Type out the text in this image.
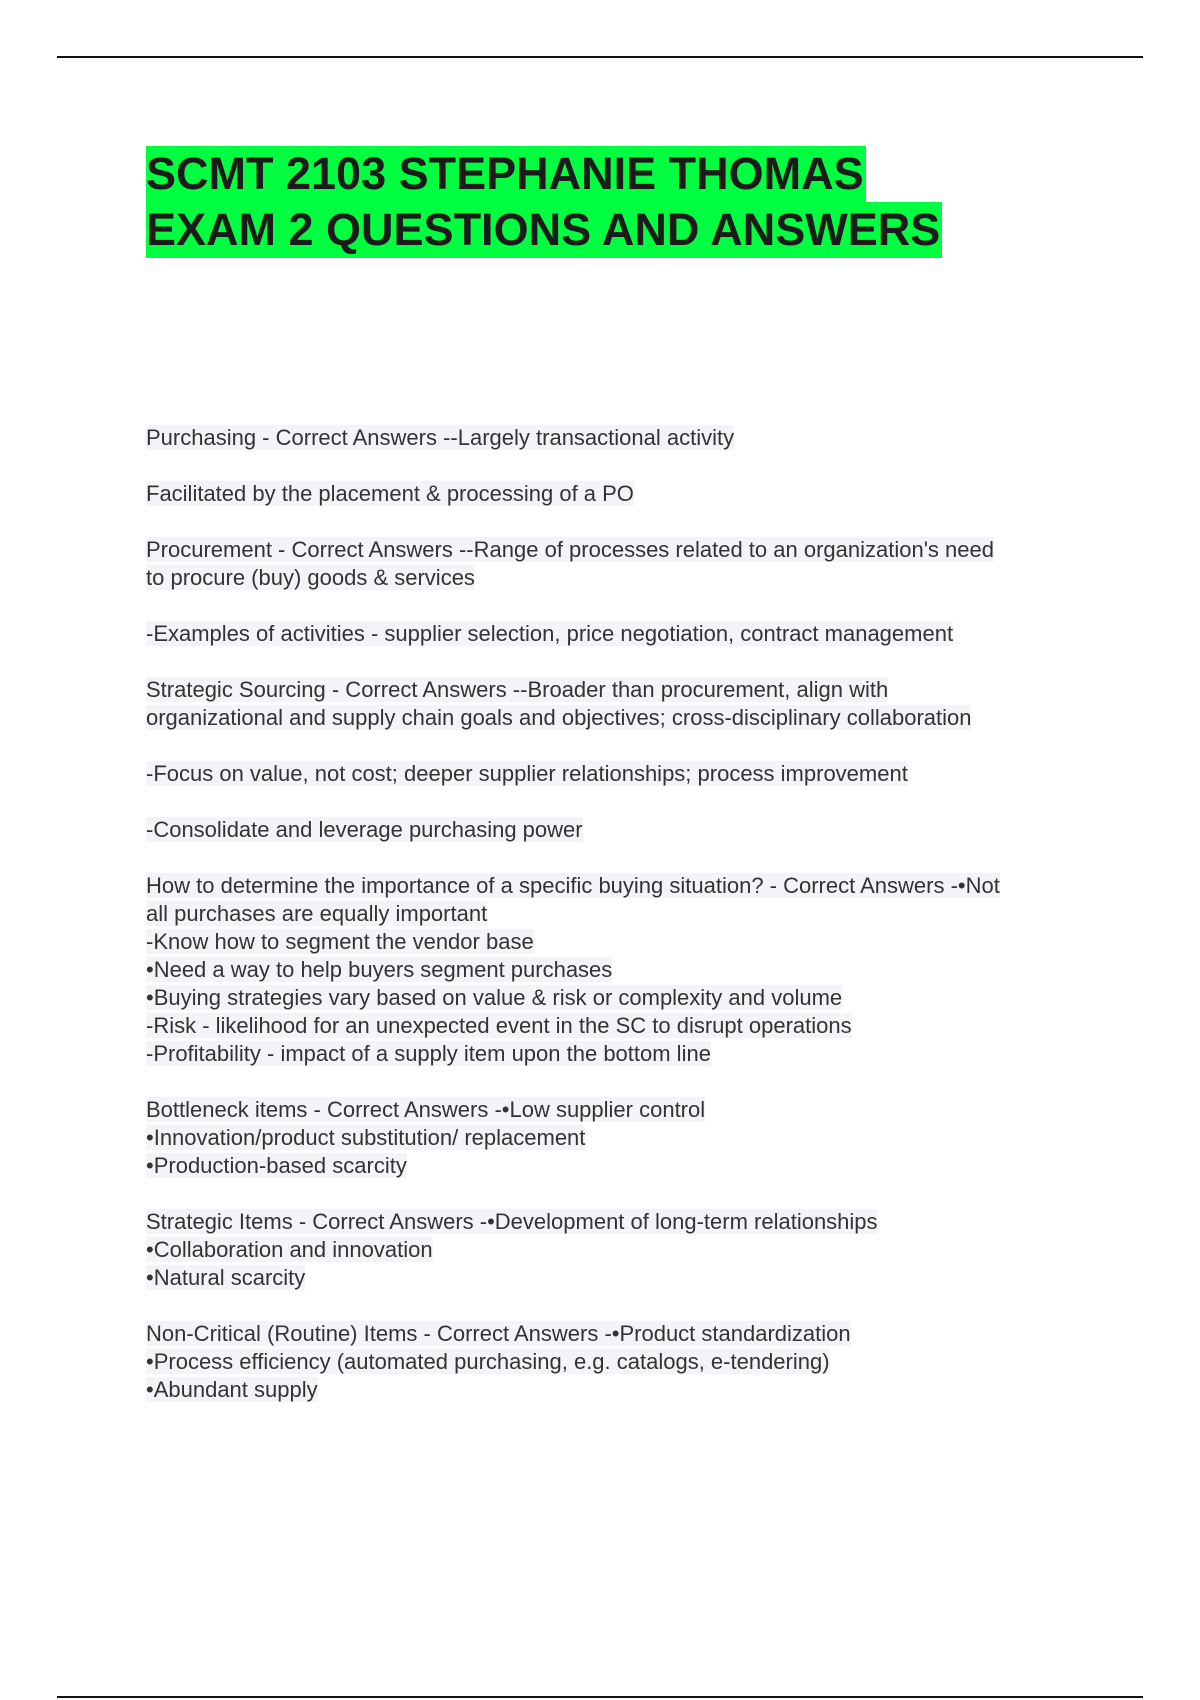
SCMT 2103 STEPHANIE THOMAS
EXAM 2 QUESTIONS AND ANSWERS

Purchasing - Correct Answers --Largely transactional activity

Facilitated by the placement & processing of a PO

Procurement - Correct Answers --Range of processes related to an organization's need
to procure (buy) goods & services

-Examples of activities - supplier selection, price negotiation, contract management

Strategic Sourcing - Correct Answers --Broader than procurement, align with
organizational and supply chain goals and objectives; cross-disciplinary collaboration

-Focus on value, not cost; deeper supplier relationships; process improvement

-Consolidate and leverage purchasing power

How to determine the importance of a specific buying situation? - Correct Answers -•Not
all purchases are equally important
-Know how to segment the vendor base
•Need a way to help buyers segment purchases
•Buying strategies vary based on value & risk or complexity and volume
-Risk - likelihood for an unexpected event in the SC to disrupt operations
-Profitability - impact of a supply item upon the bottom line

Bottleneck items - Correct Answers -•Low supplier control
•Innovation/product substitution/ replacement
•Production-based scarcity

Strategic Items - Correct Answers -•Development of long-term relationships
•Collaboration and innovation
•Natural scarcity

Non-Critical (Routine) Items - Correct Answers -•Product standardization
•Process efficiency (automated purchasing, e.g. catalogs, e-tendering)
•Abundant supply
